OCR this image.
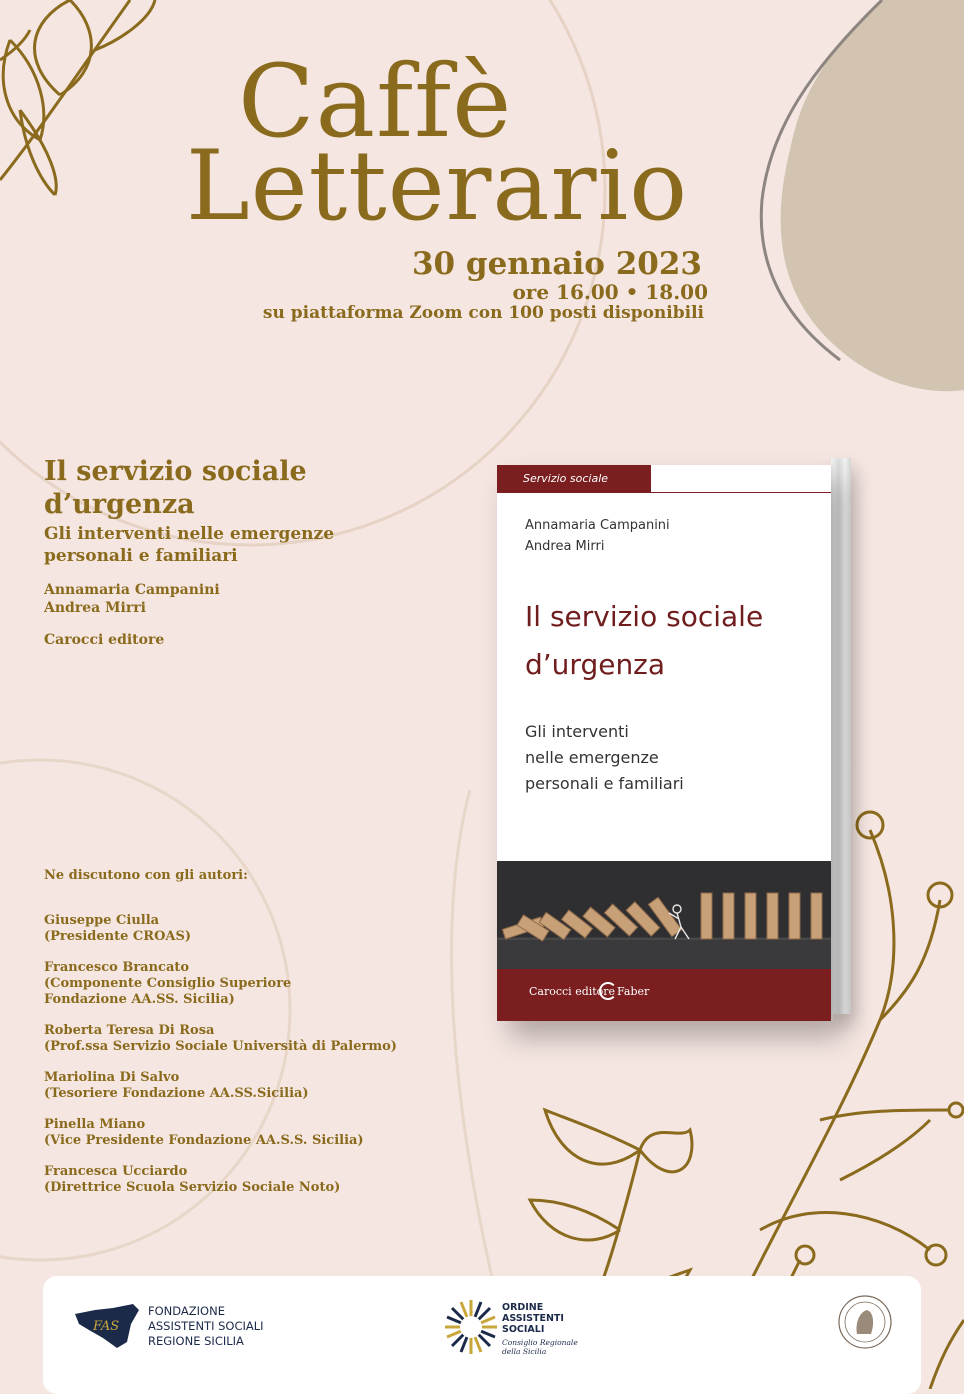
Caffè
Letterario
30 gennaio 2023
ore 16.00 • 18.00
su piattaforma Zoom con 100 posti disponibili
Il servizio sociale d’urgenza

Gli interventi nelle emergenze personali e familiari

Annamaria Campanini
Andrea Mirri
Carocci editore
Ne discutono con gli autori:
Giuseppe Ciulla
(Presidente CROAS)
Francesco Brancato
(Componente Consiglio Superiore
Fondazione AA.SS. Sicilia)
Roberta Teresa Di Rosa
(Prof.ssa Servizio Sociale Università di Palermo)
Mariolina Di Salvo
(Tesoriere Fondazione AA.SS.Sicilia)
Pinella Miano
(Vice Presidente Fondazione AA.S.S. Sicilia)
Francesca Ucciardo
(Direttrice Scuola Servizio Sociale Noto)
Servizio sociale
Annamaria Campanini
Andrea Mirri
Il servizio sociale
d’urgenza
Gli interventi
nelle emergenze
personali e familiari
Carocci editore Faber
FAS
FONDAZIONE
ASSISTENTI SOCIALI
REGIONE SICILIA
ORDINE
ASSISTENTI
SOCIALI
Consiglio Regionale
della Sicilia
